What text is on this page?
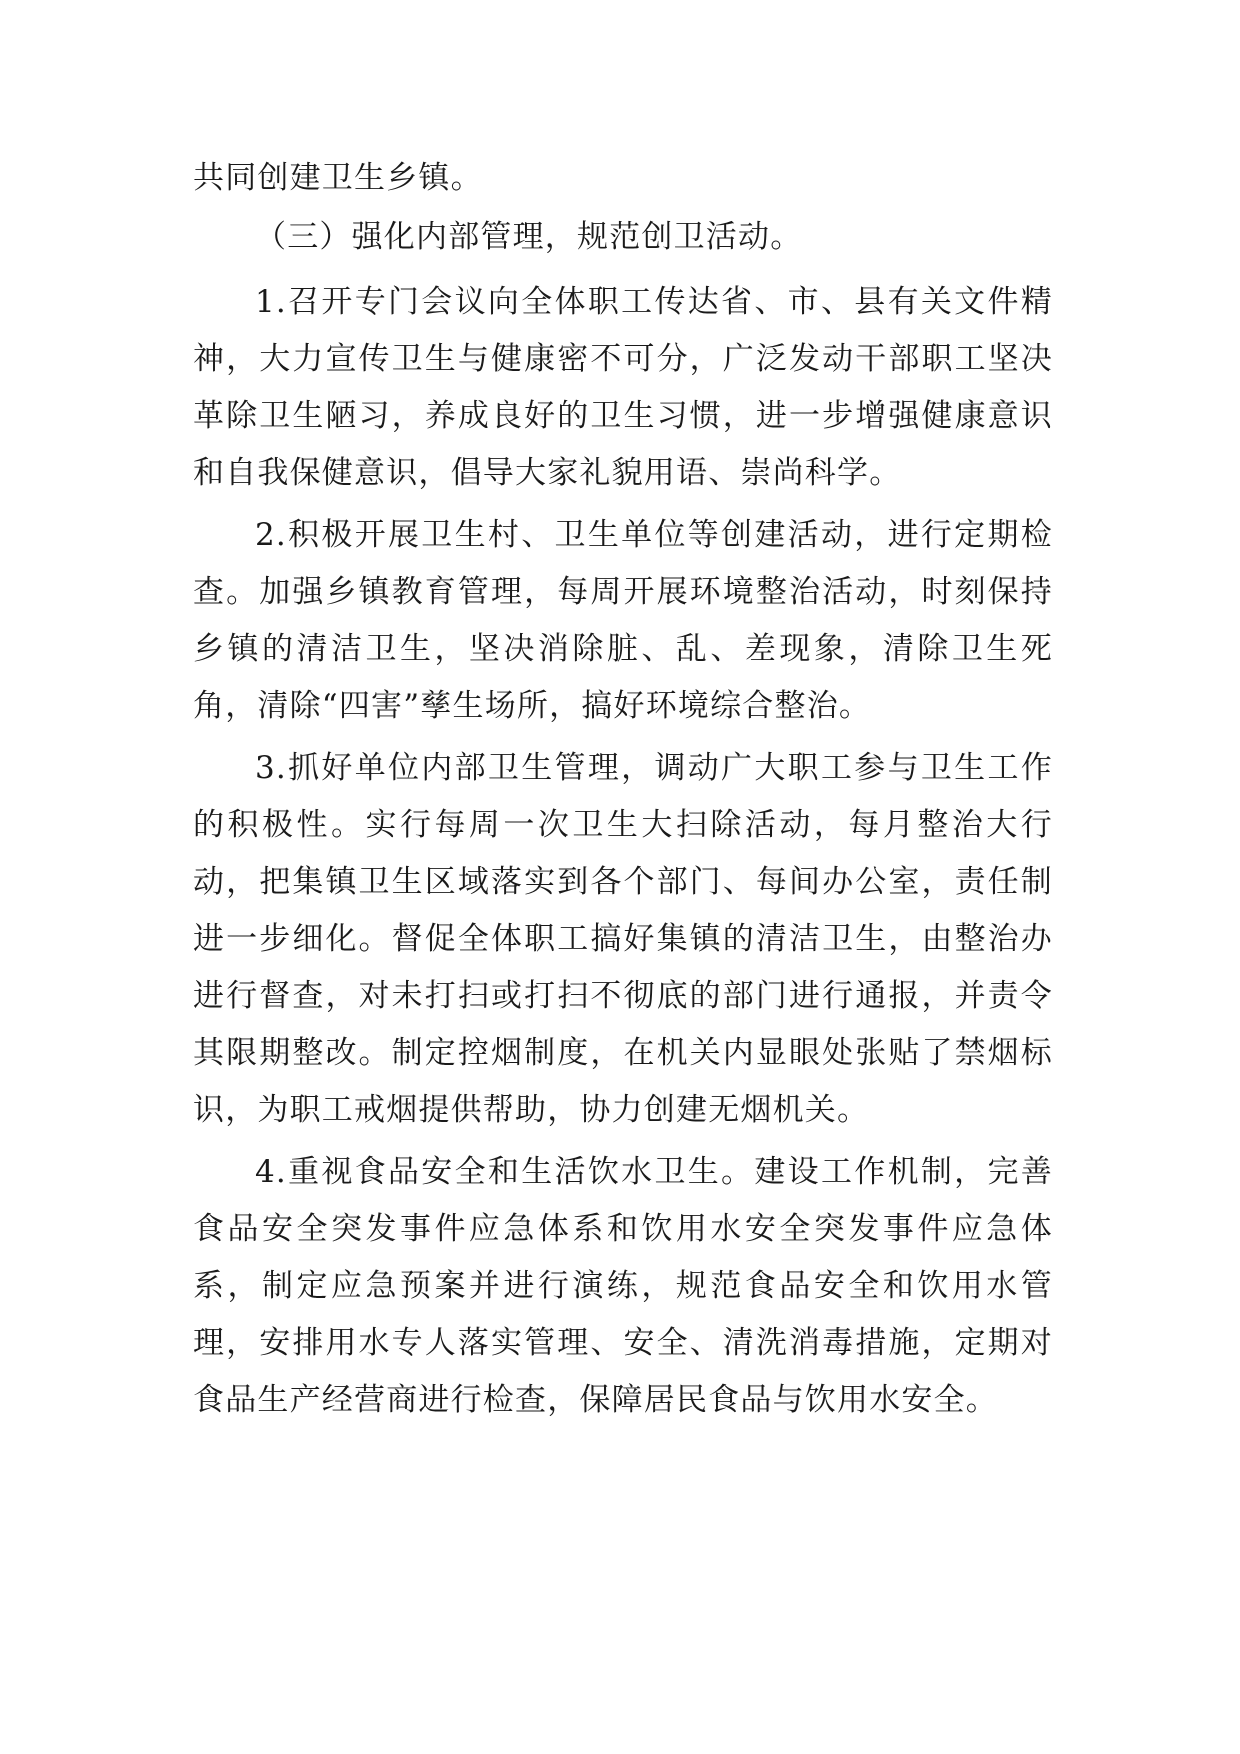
共同创建卫生乡镇。

（三）强化内部管理，规范创卫活动。

1.召开专门会议向全体职工传达省、市、县有关文件精神，大力宣传卫生与健康密不可分，广泛发动干部职工坚决革除卫生陋习，养成良好的卫生习惯，进一步增强健康意识和自我保健意识，倡导大家礼貌用语、崇尚科学。

2.积极开展卫生村、卫生单位等创建活动，进行定期检查。加强乡镇教育管理，每周开展环境整治活动，时刻保持乡镇的清洁卫生，坚决消除脏、乱、差现象，清除卫生死角，清除“四害”孳生场所，搞好环境综合整治。

3.抓好单位内部卫生管理，调动广大职工参与卫生工作的积极性。实行每周一次卫生大扫除活动，每月整治大行动，把集镇卫生区域落实到各个部门、每间办公室，责任制进一步细化。督促全体职工搞好集镇的清洁卫生，由整治办进行督查，对未打扫或打扫不彻底的部门进行通报，并责令其限期整改。制定控烟制度，在机关内显眼处张贴了禁烟标识，为职工戒烟提供帮助，协力创建无烟机关。

4.重视食品安全和生活饮水卫生。建设工作机制，完善食品安全突发事件应急体系和饮用水安全突发事件应急体系，制定应急预案并进行演练，规范食品安全和饮用水管理，安排用水专人落实管理、安全、清洗消毒措施，定期对食品生产经营商进行检查，保障居民食品与饮用水安全。
